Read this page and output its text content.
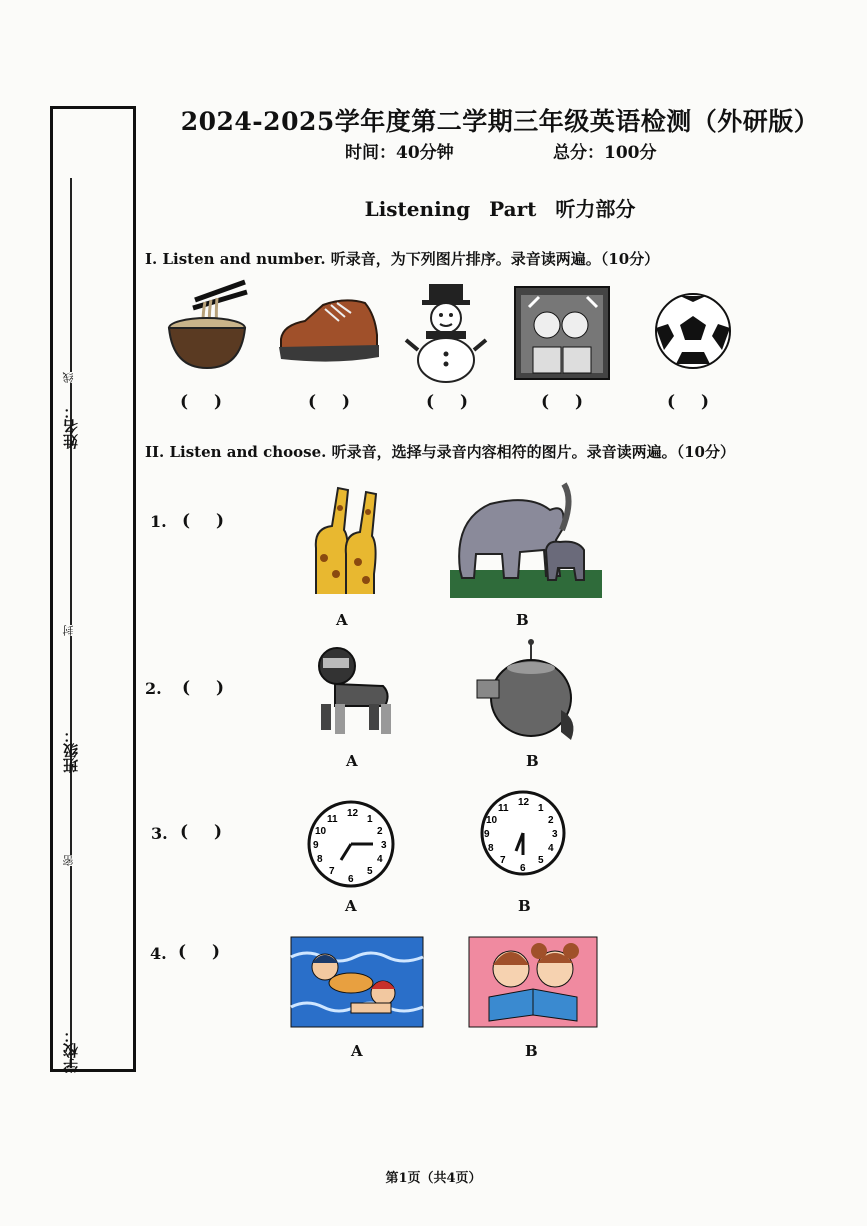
线
封
密
姓名：
班级：
学校：
2024-2025学年度第二学期三年级英语检测（外研版）
时间：40分钟	总分：100分
Listening Part 听力部分
I. Listen and number. 听录音，为下列图片排序。录音读两遍。（10分）
( )	( )	( )	( )	( )
II. Listen and choose. 听录音，选择与录音内容相符的图片。录音读两遍。（10分）
1. ( )
A	B
2. ( )
A	B
3. ( )
12
1
2
3
4
5
6
7
8
9
10
11
12
1
2
3
4
5
6
7
8
9
10
11
A	B
4. ( )
A	B
第1页（共4页）
